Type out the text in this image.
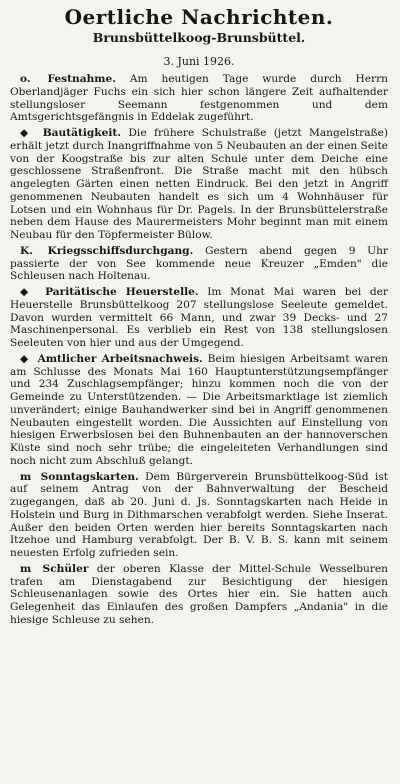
Oertliche Nachrichten.
Brunsbüttelkoog-Brunsbüttel.
3. Juni 1926.

o. Festnahme. Am heutigen Tage wurde durch Herrn Oberlandjäger Fuchs ein sich hier schon längere Zeit aufhaltender stellungsloser Seemann festgenommen und dem Amtsgerichtsgefängnis in Eddelak zugeführt.

◆ Bautätigkeit. Die frühere Schulstraße (jetzt Mangelstraße) erhält jetzt durch Inangriffnahme von 5 Neubauten an der einen Seite von der Koogstraße bis zur alten Schule unter dem Deiche eine geschlossene Straßenfront. Die Straße macht mit den hübsch angelegten Gärten einen netten Eindruck. Bei den jetzt in Angriff genommenen Neubauten handelt es sich um 4 Wohnhäuser für Lotsen und ein Wohnhaus für Dr. Pagels. In der Brunsbüttelerstraße neben dem Hause des Maurermeisters Mohr beginnt man mit einem Neubau für den Töpfermeister Bülow.

K. Kriegsschiffsdurchgang. Gestern abend gegen 9 Uhr passierte der von See kommende neue Kreuzer „Emden" die Schleusen nach Holtenau.

◆ Paritätische Heuerstelle. Im Monat Mai waren bei der Heuerstelle Brunsbüttelkoog 207 stellungslose Seeleute gemeldet. Davon wurden vermittelt 66 Mann, und zwar 39 Decks- und 27 Maschinenpersonal. Es verblieb ein Rest von 138 stellungslosen Seeleuten von hier und aus der Umgegend.

◆ Amtlicher Arbeitsnachweis. Beim hiesigen Arbeitsamt waren am Schlusse des Monats Mai 160 Hauptunterstützungsempfänger und 234 Zuschlagsempfänger; hinzu kommen noch die von der Gemeinde zu Unterstützenden. — Die Arbeitsmarktlage ist ziemlich unverändert; einige Bauhandwerker sind bei in Angriff genommenen Neubauten eingestellt worden. Die Aussichten auf Einstellung von hiesigen Erwerbslosen bei den Buhnenbauten an der hannoverschen Küste sind noch sehr trübe; die eingeleiteten Verhandlungen sind noch nicht zum Abschluß gelangt.

m Sonntagskarten. Dem Bürgerverein Brunsbüttelkoog-Süd ist auf seinem Antrag von der Bahnverwaltung der Bescheid zugegangen, daß ab 20. Juni d. Js. Sonntagskarten nach Heide in Holstein und Burg in Dithmarschen verabfolgt werden. Siehe Inserat. Außer den beiden Orten werden hier bereits Sonntagskarten nach Itzehoe und Hamburg verabfolgt. Der B. V. B. S. kann mit seinem neuesten Erfolg zufrieden sein.

m Schüler der oberen Klasse der Mittel-Schule Wesselburen trafen am Dienstagabend zur Besichtigung der hiesigen Schleusenanlagen sowie des Ortes hier ein. Sie hatten auch Gelegenheit das Einlaufen des großen Dampfers „Andania" in die hiesige Schleuse zu sehen.
